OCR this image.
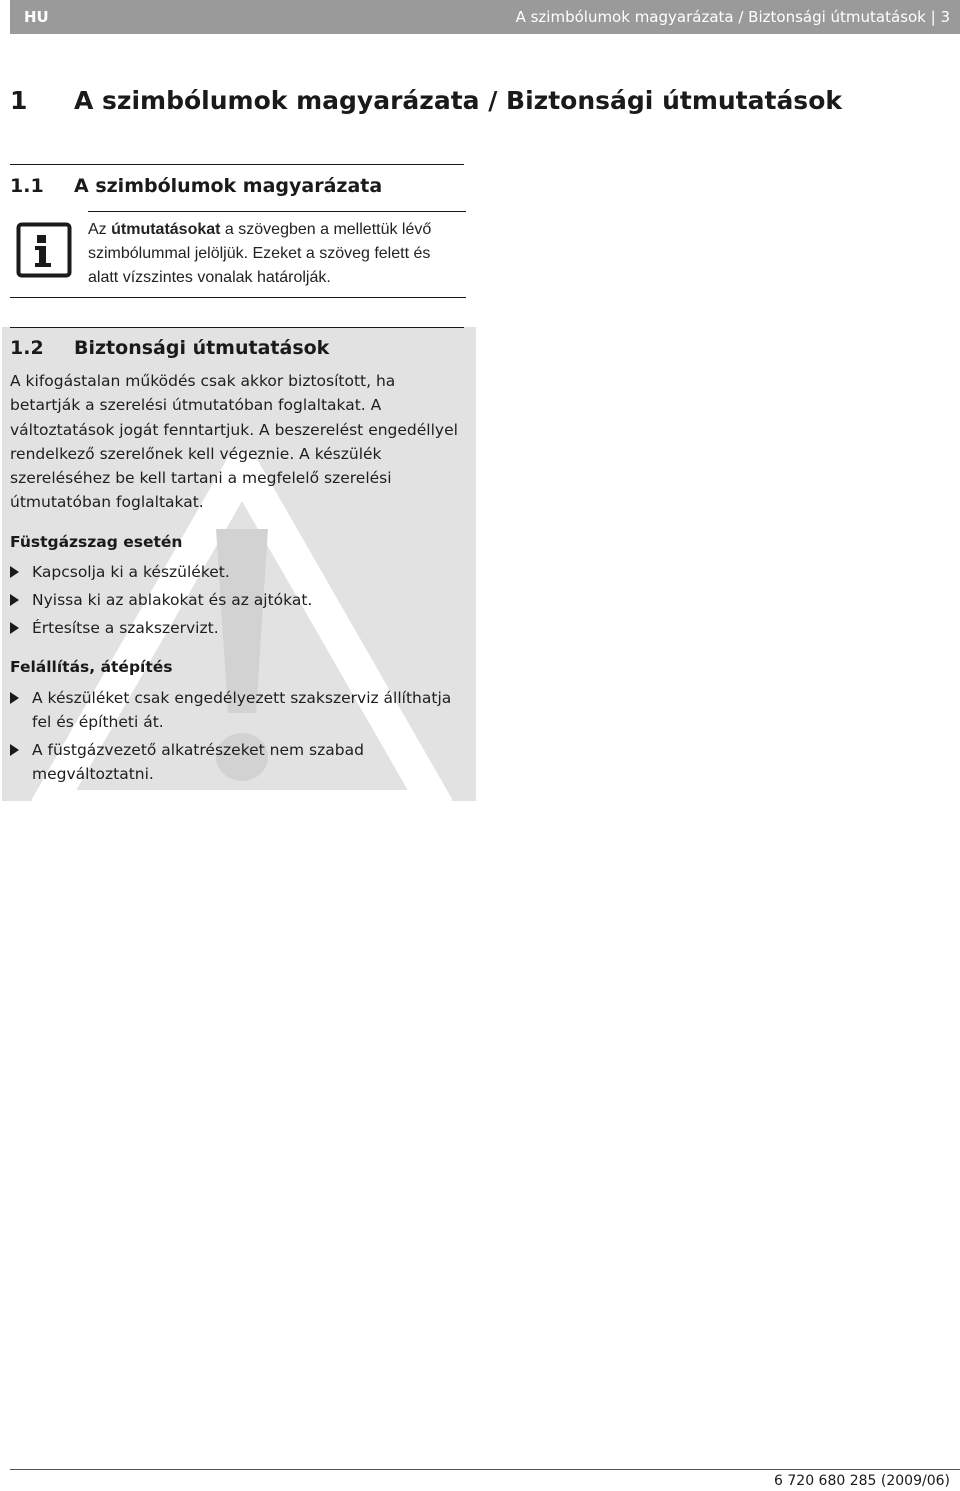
HU	A szimbólumok magyarázata / Biztonsági útmutatások | 3
1 A szimbólumok magyarázata / Biztonsági útmutatások
1.1 A szimbólumok magyarázata
Az útmutatásokat a szövegben a mellettük lévő szimbólummal jelöljük. Ezeket a szöveg felett és alatt vízszintes vonalak határolják.
1.2 Biztonsági útmutatások
A kifogástalan működés csak akkor biztosított, ha betartják a szerelési útmutatóban foglaltakat. A változtatások jogát fenntartjuk. A beszerelést engedéllyel rendelkező szerelőnek kell végeznie. A készülék szereléséhez be kell tartani a megfelelő szerelési útmutatóban foglaltakat.
Füstgázszag esetén
Kapcsolja ki a készüléket.
Nyissa ki az ablakokat és az ajtókat.
Értesítse a szakszervizt.
Felállítás, átépítés
A készüléket csak engedélyezett szakszerviz állíthatja fel és építheti át.
A füstgázvezető alkatrészeket nem szabad megváltoztatni.
6 720 680 285 (2009/06)
